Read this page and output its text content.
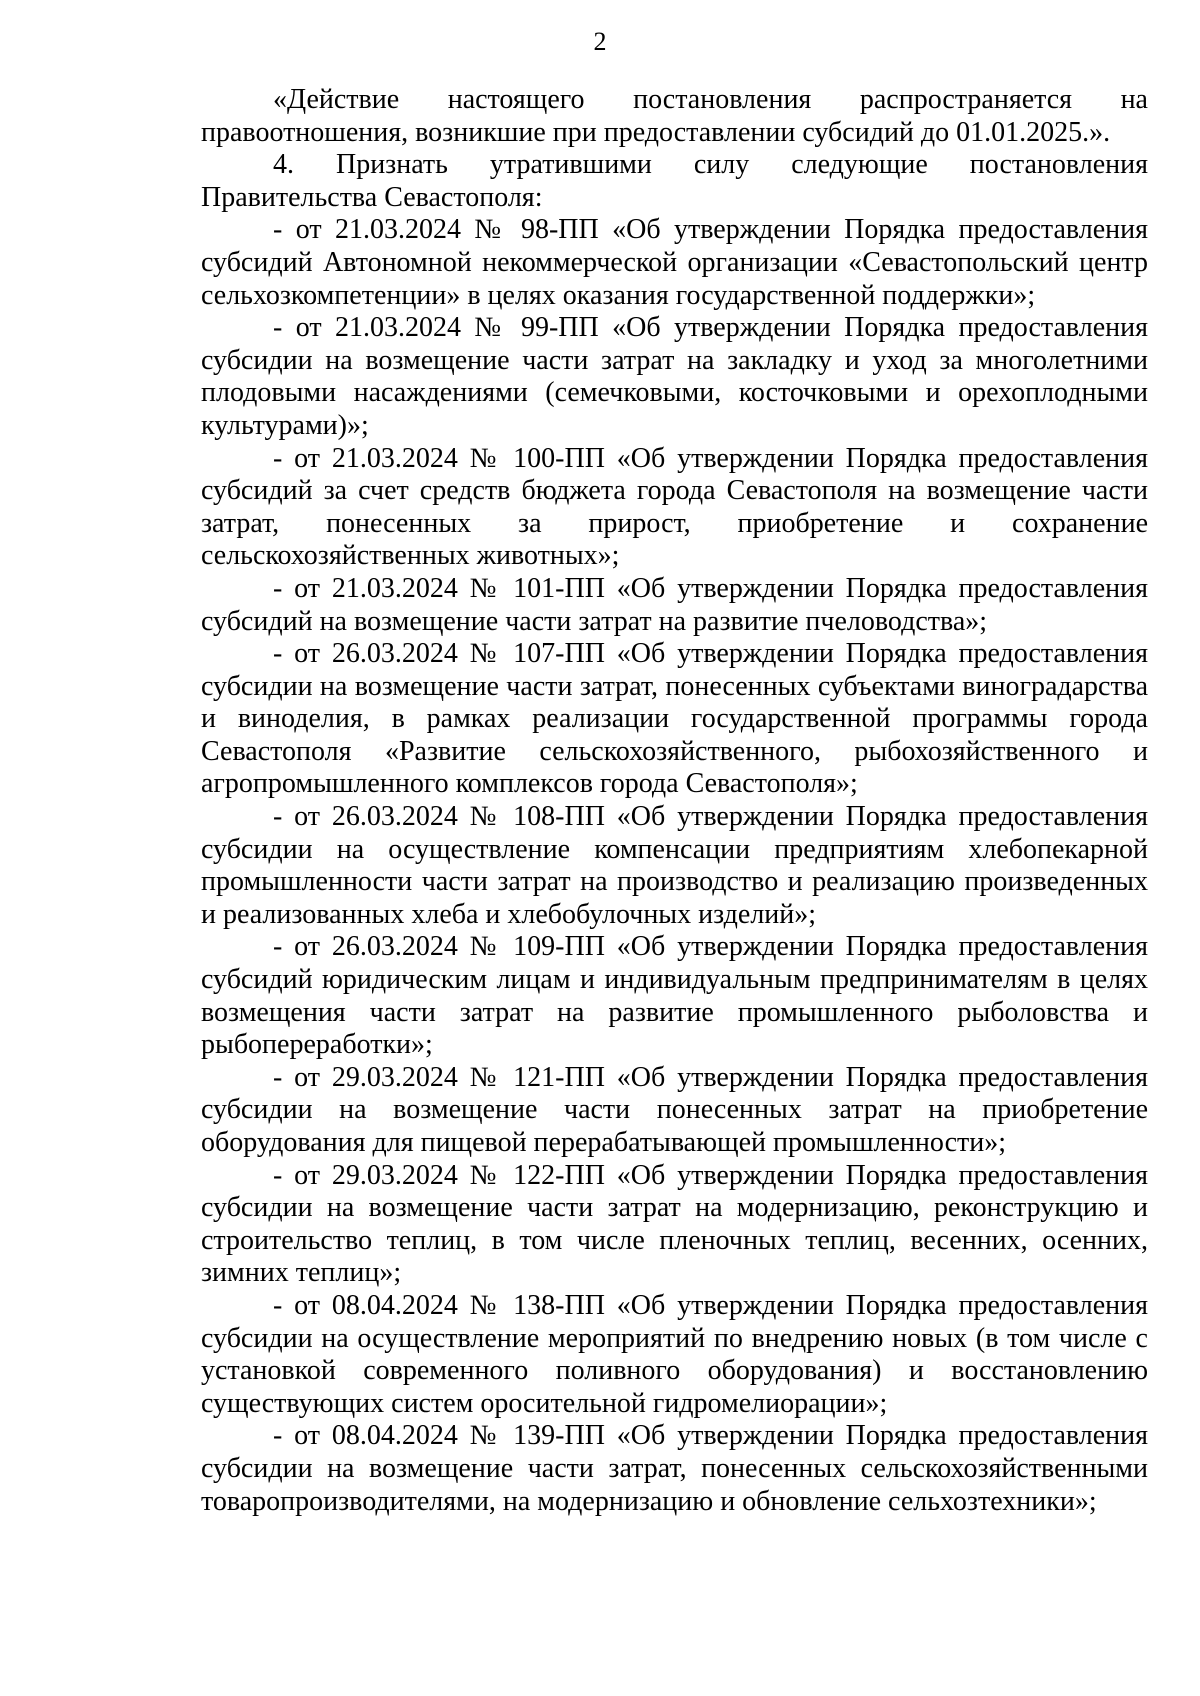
2

«Действие настоящего постановления распространяется на правоотношения, возникшие при предоставлении субсидий до 01.01.2025.».

4. Признать утратившими силу следующие постановления Правительства Севастополя:

- от 21.03.2024 № 98-ПП «Об утверждении Порядка предоставления субсидий Автономной некоммерческой организации «Севастопольский центр сельхозкомпетенции» в целях оказания государственной поддержки»;

- от 21.03.2024 № 99-ПП «Об утверждении Порядка предоставления субсидии на возмещение части затрат на закладку и уход за многолетними плодовыми насаждениями (семечковыми, косточковыми и орехоплодными культурами)»;

- от 21.03.2024 № 100-ПП «Об утверждении Порядка предоставления субсидий за счет средств бюджета города Севастополя на возмещение части затрат, понесенных за прирост, приобретение и сохранение сельскохозяйственных животных»;

- от 21.03.2024 № 101-ПП «Об утверждении Порядка предоставления субсидий на возмещение части затрат на развитие пчеловодства»;

- от 26.03.2024 № 107-ПП «Об утверждении Порядка предоставления субсидии на возмещение части затрат, понесенных субъектами виноградарства и виноделия, в рамках реализации государственной программы города Севастополя «Развитие сельскохозяйственного, рыбохозяйственного и агропромышленного комплексов города Севастополя»;

- от 26.03.2024 № 108-ПП «Об утверждении Порядка предоставления субсидии на осуществление компенсации предприятиям хлебопекарной промышленности части затрат на производство и реализацию произведенных и реализованных хлеба и хлебобулочных изделий»;

- от 26.03.2024 № 109-ПП «Об утверждении Порядка предоставления субсидий юридическим лицам и индивидуальным предпринимателям в целях возмещения части затрат на развитие промышленного рыболовства и рыбопереработки»;

- от 29.03.2024 № 121-ПП «Об утверждении Порядка предоставления субсидии на возмещение части понесенных затрат на приобретение оборудования для пищевой перерабатывающей промышленности»;

- от 29.03.2024 № 122-ПП «Об утверждении Порядка предоставления субсидии на возмещение части затрат на модернизацию, реконструкцию и строительство теплиц, в том числе пленочных теплиц, весенних, осенних, зимних теплиц»;

- от 08.04.2024 № 138-ПП «Об утверждении Порядка предоставления субсидии на осуществление мероприятий по внедрению новых (в том числе с установкой современного поливного оборудования) и восстановлению существующих систем оросительной гидромелиорации»;

- от 08.04.2024 № 139-ПП «Об утверждении Порядка предоставления субсидии на возмещение части затрат, понесенных сельскохозяйственными товаропроизводителями, на модернизацию и обновление сельхозтехники»;
